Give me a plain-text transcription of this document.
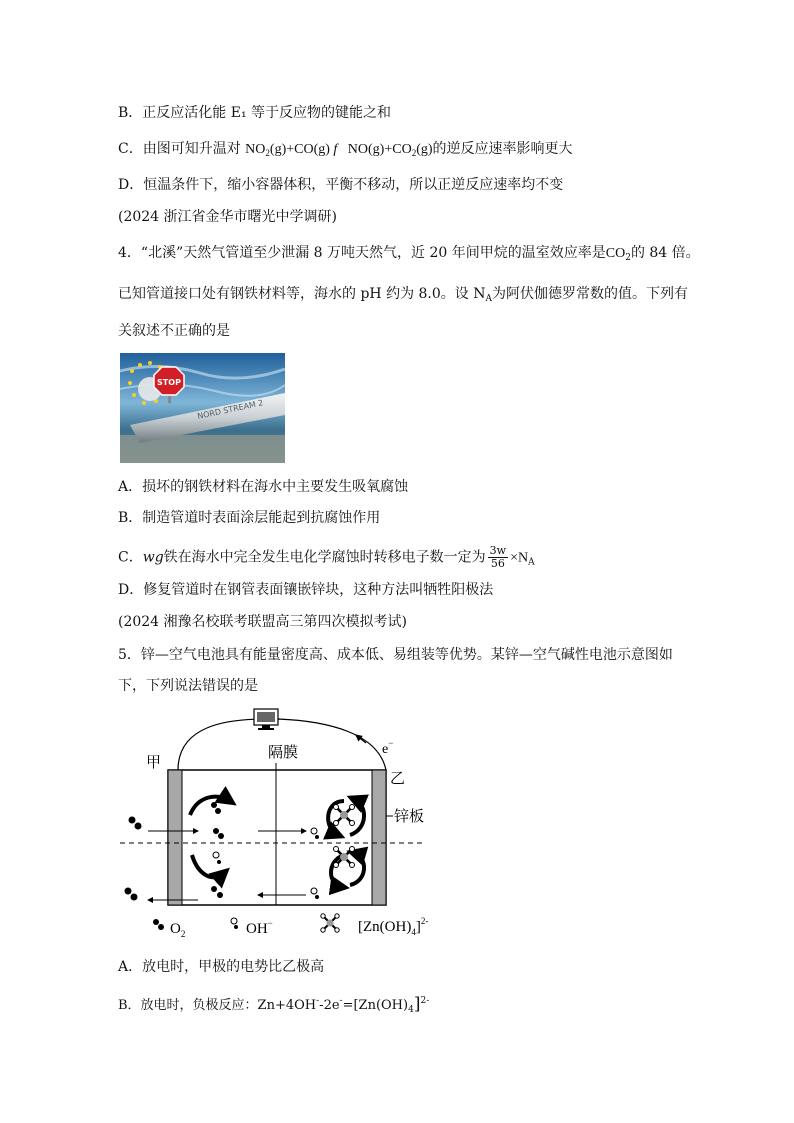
B．正反应活化能 E₁ 等于反应物的键能之和
C．由图可知升温对 $NO_2(g)+CO(g)$ f $NO(g)+CO_2(g)$的逆反应速率影响更大
D．恒温条件下，缩小容器体积，平衡不移动，所以正逆反应速率均不变
(2024 浙江省金华市曙光中学调研)
4．“北溪”天然气管道至少泄漏 8 万吨天然气，近 20 年间甲烷的温室效应率是$CO_2$的 84 倍。
已知管道接口处有钢铁材料等，海水的 pH 约为 8.0。设 $N_A$为阿伏伽德罗常数的值。下列有
关叙述不正确的是
NORD STREAM 2
STOP
A．损坏的钢铁材料在海水中主要发生吸氧腐蚀
B．制造管道时表面涂层能起到抗腐蚀作用
C．wg铁在海水中完全发生电化学腐蚀时转移电子数一定为 $\frac{3w}{56} \times N_A$
D．修复管道时在钢管表面镶嵌锌块，这种方法叫牺牲阳极法
(2024 湘豫名校联考联盟高三第四次模拟考试)
5．锌—空气电池具有能量密度高、成本低、易组装等优势。某锌—空气碱性电池示意图如
下，下列说法错误的是
甲
乙
隔膜	e−
锌板
$O_2$	OH−	$[Zn(OH)_4]^{2-}$
A．放电时，甲极的电势比乙极高
B．放电时，负极反应：$Zn+4OH^--2e^-=[Zn(OH)_4]^{2-}$
